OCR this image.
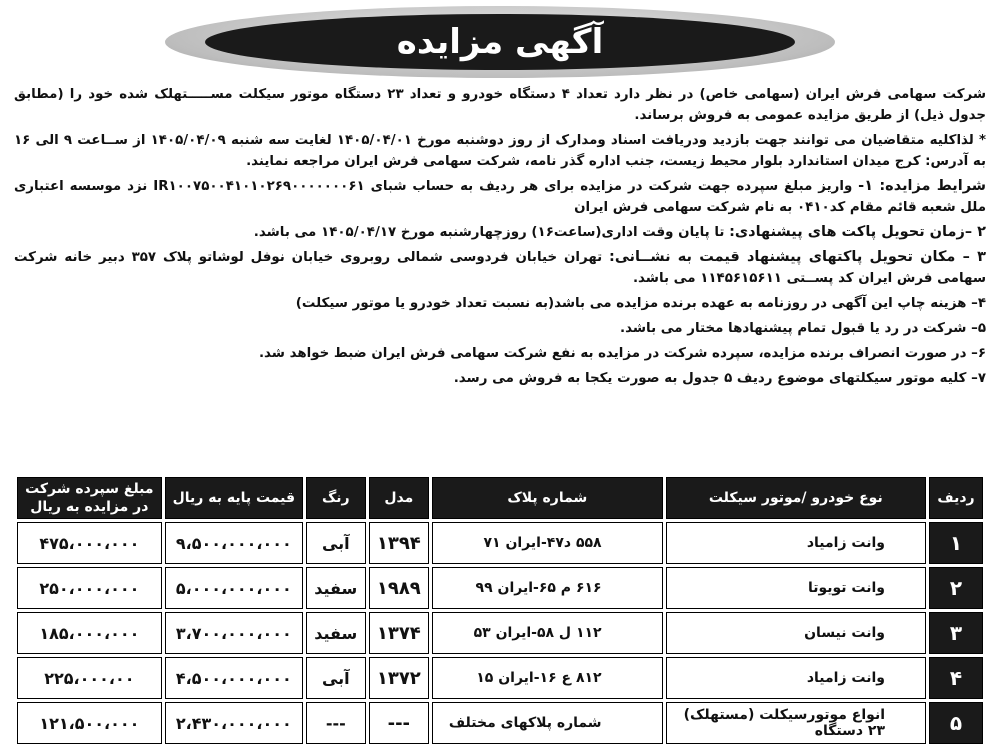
آگهی مزایده

شرکت سهامی فرش ایران (سهامی خاص) در نظر دارد تعداد ۴ دستگاه خودرو و تعداد ۲۳ دستگاه موتور سیکلت مســـــتهلک شده خود را (مطابق جدول ذیل) از طریق مزایده عمومی به فروش برساند.

* لذاکلیه متقاضیان می توانند جهت بازدید ودریافت اسناد ومدارک از روز دوشنبه مورخ ۱۴۰۵/۰۴/۰۱ لغایت سه شنبه ۱۴۰۵/۰۴/۰۹ از ســاعت ۹ الی ۱۶ به آدرس: کرج میدان استاندارد بلوار محیط زیست، جنب اداره گذر نامه، شرکت سهامی فرش ایران مراجعه نمایند.

شرایط مزایده: ۱- واریز مبلغ سپرده جهت شرکت در مزایده برای هر ردیف به حساب شبای IR۱۰۰۷۵۰۰۴۱۰۱۰۲۶۹۰۰۰۰۰۰۰۶۱ نزد موسسه اعتباری ملل شعبه قائم مقام کد۰۴۱۰ به نام شرکت سهامی فرش ایران

۲ –زمان تحویل پاکت های پیشنهادی: تا پایان وقت اداری(ساعت۱۶) روزچهارشنبه مورخ ۱۴۰۵/۰۴/۱۷ می باشد.

۳ – مکان تحویل پاکتهای پیشنهاد قیمت به نشــانی: تهران خیابان فردوسی شمالی روبروی خیابان نوفل لوشاتو پلاک ۳۵۷ دبیر خانه شرکت سهامی فرش ایران کد پســتی ۱۱۴۵۶۱۵۶۱۱ می باشد.

۴– هزینه چاپ این آگهی در روزنامه به عهده برنده مزایده می باشد(به نسبت تعداد خودرو یا موتور سیکلت)

۵– شرکت در رد یا قبول تمام پیشنهادها مختار می باشد.

۶– در صورت انصراف برنده مزایده، سپرده شرکت در مزایده به نفع شرکت سهامی فرش ایران ضبط خواهد شد.

۷– کلیه موتور سیکلتهای موضوع ردیف ۵ جدول به صورت یکجا به فروش می رسد.

ردیف	نوع خودرو /موتور سیکلت	شماره پلاک	مدل	رنگ	قیمت پایه به ریال	مبلغ سپرده شرکت
در مزایده به ریال

۱	وانت زامیاد	۵۵۸ د۴۷-ایران ۷۱	۱۳۹۴	آبی	۹،۵۰۰،۰۰۰،۰۰۰	۴۷۵،۰۰۰،۰۰۰
۲	وانت تویوتا	۶۱۶ م ۶۵-ایران ۹۹	۱۹۸۹	سفید	۵،۰۰۰،۰۰۰،۰۰۰	۲۵۰،۰۰۰،۰۰۰
۳	وانت نیسان	۱۱۲ ل ۵۸-ایران ۵۳	۱۳۷۴	سفید	۳،۷۰۰،۰۰۰،۰۰۰	۱۸۵،۰۰۰،۰۰۰
۴	وانت زامیاد	۸۱۲ ع ۱۶-ایران ۱۵	۱۳۷۲	آبی	۴،۵۰۰،۰۰۰،۰۰۰	۲۲۵،۰۰۰،۰۰
۵	انواع موتورسیکلت (مستهلک)
۲۳ دستگاه	شماره پلاکهای مختلف	---	---	۲،۴۳۰،۰۰۰،۰۰۰	۱۲۱،۵۰۰،۰۰۰
